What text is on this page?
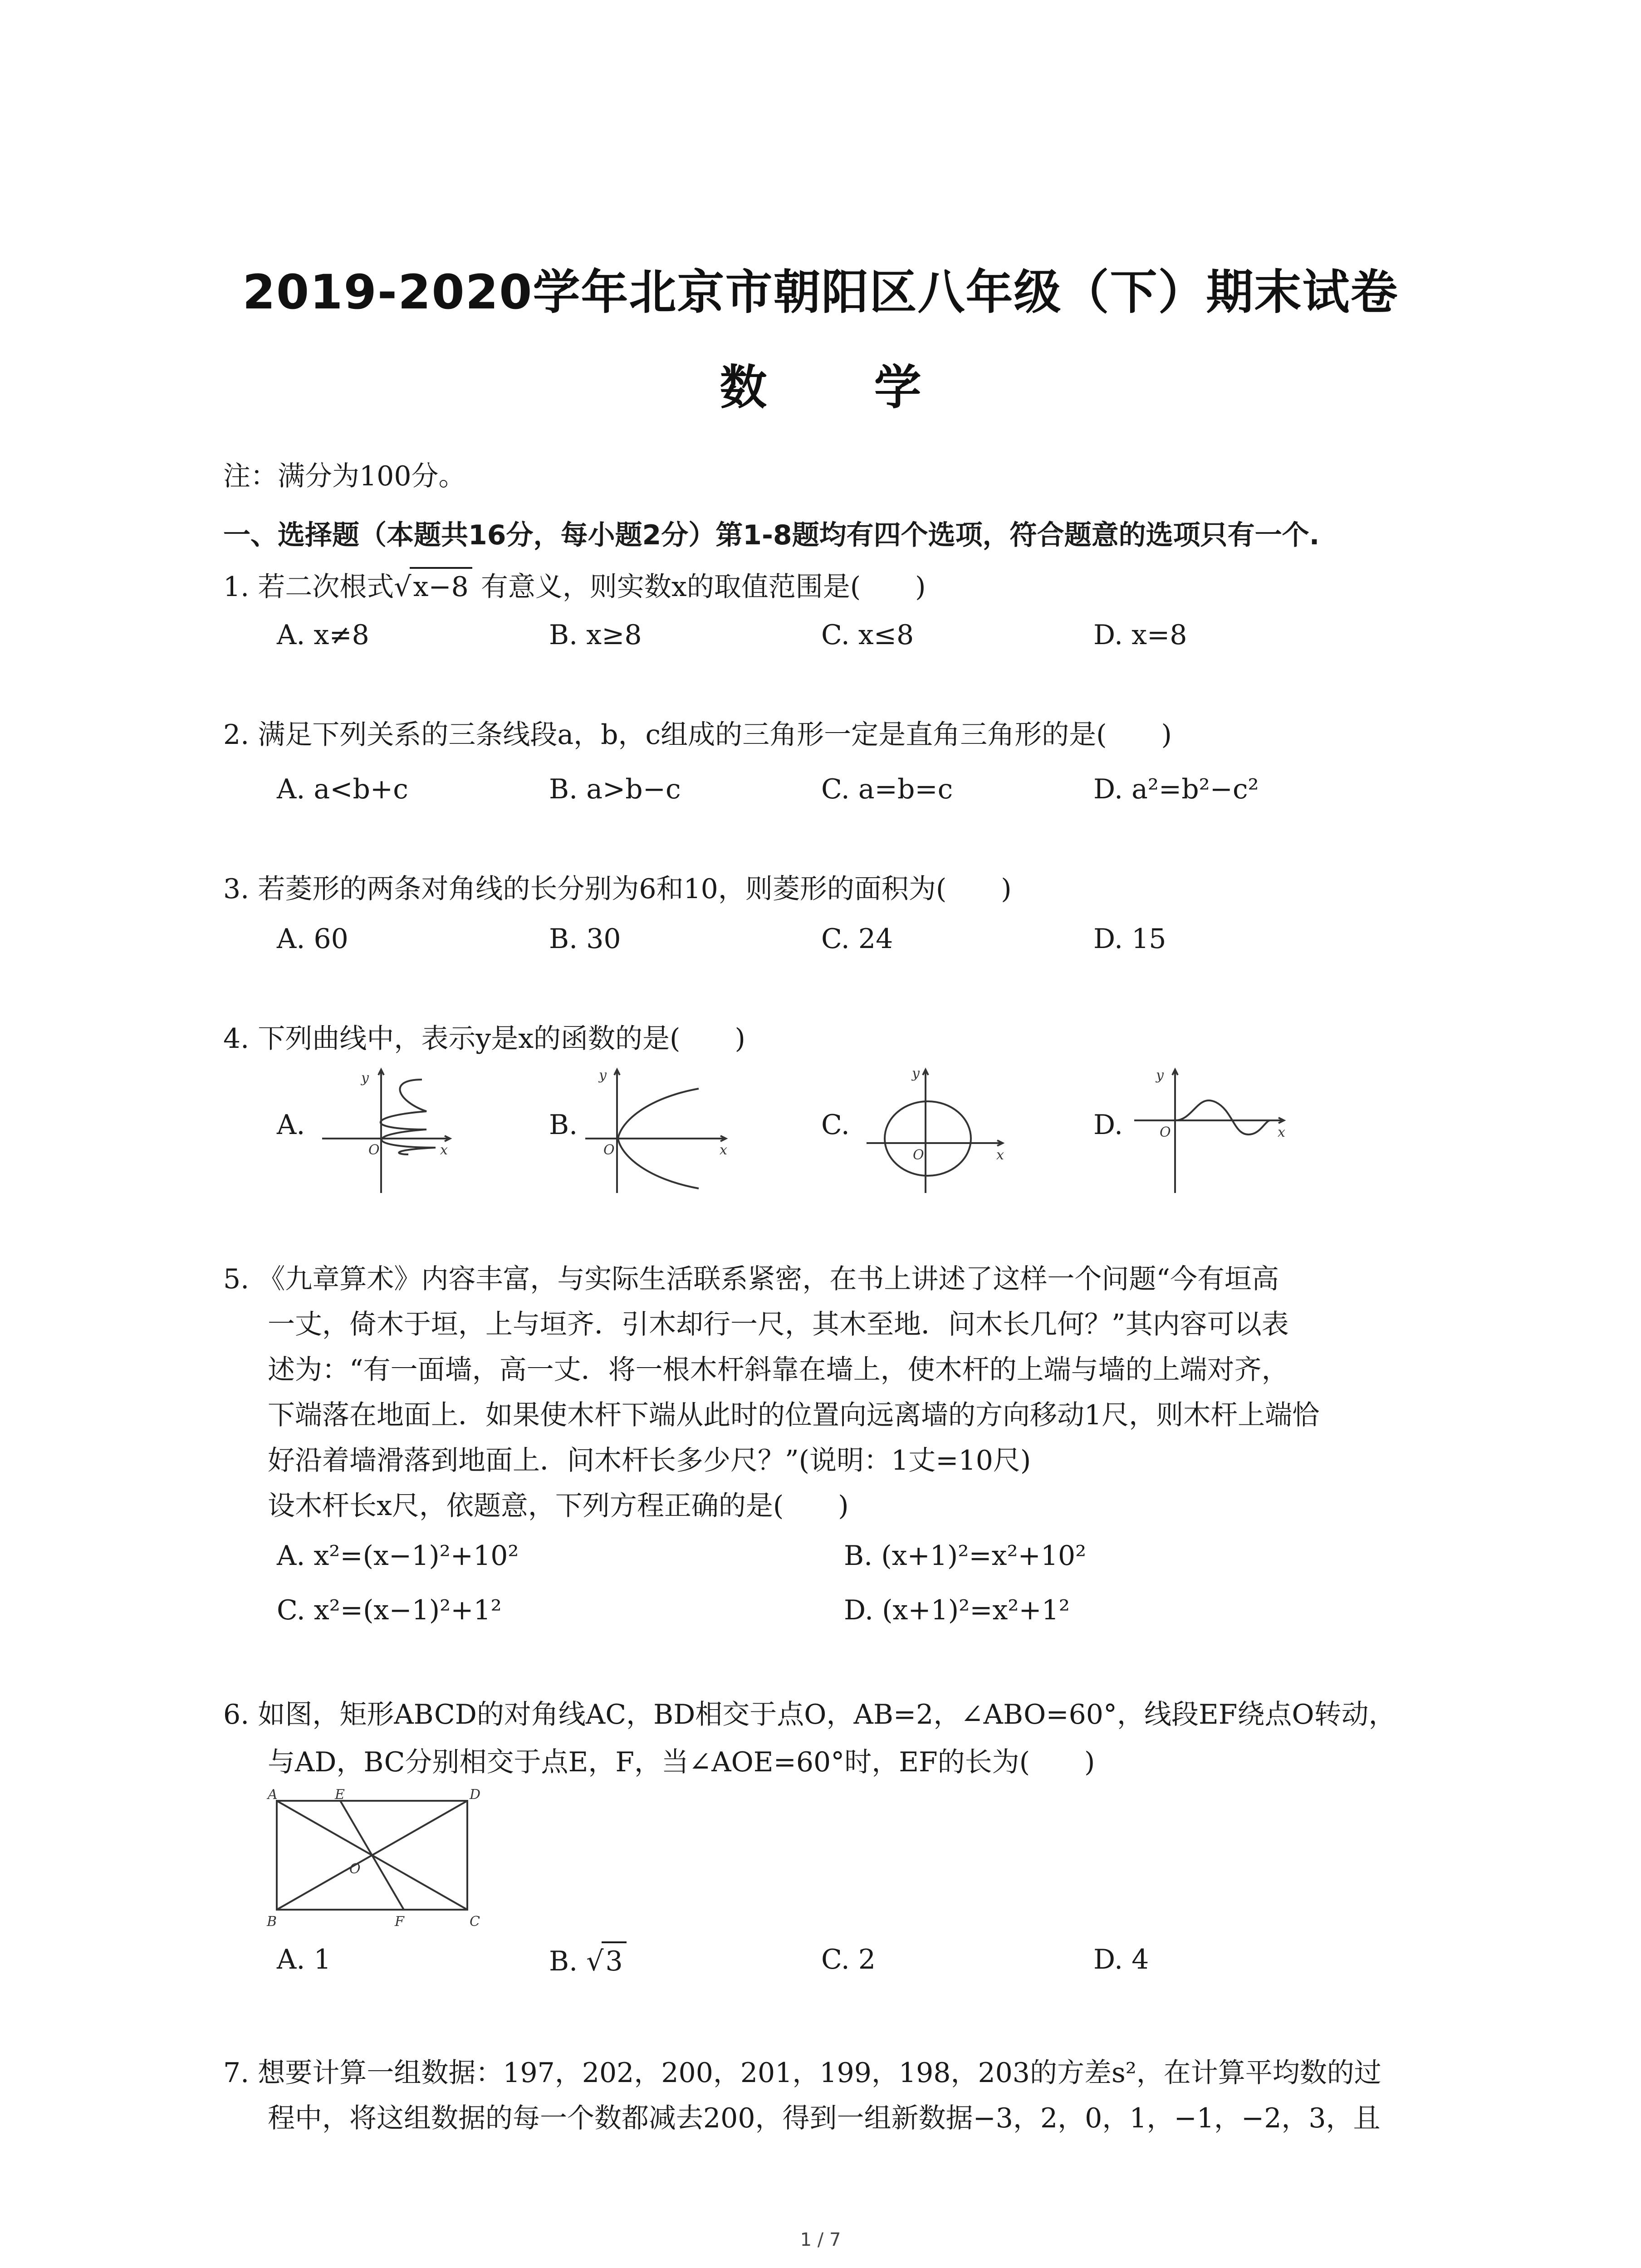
2019-2020学年北京市朝阳区八年级（下）期末试卷
数 学
注：满分为100分。
一、选择题（本题共16分，每小题2分）第1-8题均有四个选项，符合题意的选项只有一个.
1. 若二次根式√x−8 有意义，则实数x的取值范围是(　　)
A. x≠8	B. x≥8	C. x≤8	D. x=8
2. 满足下列关系的三条线段a，b，c组成的三角形一定是直角三角形的是(　　)
A. a<b+c	B. a>b−c	C. a=b=c	D. a²=b²−c²
3. 若菱形的两条对角线的长分别为6和10，则菱形的面积为(　　)
A. 60	B. 30	C. 24	D. 15
4. 下列曲线中，表示y是x的函数的是(　　)
A.	B.	C.	D.
y
O	x
y
O	x
y
O	x
y
O	x
5. 《九章算术》内容丰富，与实际生活联系紧密，在书上讲述了这样一个问题“今有垣高
一丈，倚木于垣，上与垣齐．引木却行一尺，其木至地．问木长几何？”其内容可以表
述为：“有一面墙，高一丈．将一根木杆斜靠在墙上，使木杆的上端与墙的上端对齐，
下端落在地面上．如果使木杆下端从此时的位置向远离墙的方向移动1尺，则木杆上端恰
好沿着墙滑落到地面上．问木杆长多少尺？”(说明：1丈=10尺)
设木杆长x尺，依题意，下列方程正确的是(　　)
A. x²=(x−1)²+10²	B. (x+1)²=x²+10²
C. x²=(x−1)²+1²	D. (x+1)²=x²+1²
6. 如图，矩形ABCD的对角线AC，BD相交于点O，AB=2，∠ABO=60°，线段EF绕点O转动，
与AD，BC分别相交于点E，F，当∠AOE=60°时，EF的长为(　　)
A	E	D
O
B	F	C
A. 1	B. √3	C. 2	D. 4
7. 想要计算一组数据：197，202，200，201，199，198，203的方差s²，在计算平均数的过
程中，将这组数据的每一个数都减去200，得到一组新数据−3，2，0，1，−1，−2，3，且
1 / 7
